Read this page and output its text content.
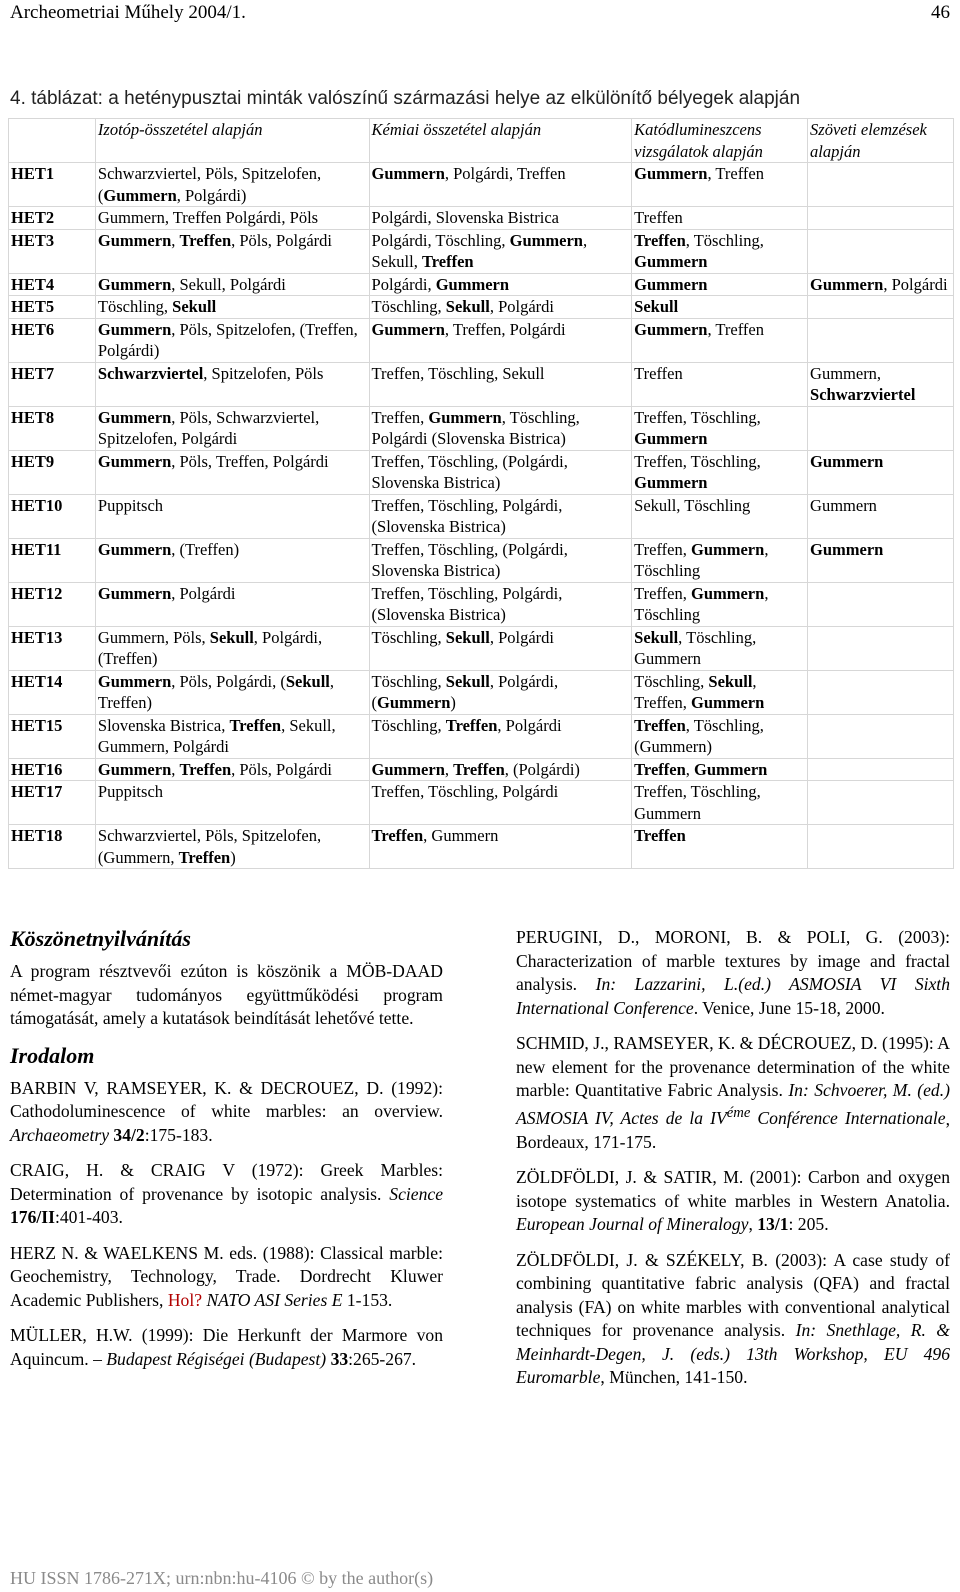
Archeometriai Műhely 2004/1.	46
4. táblázat: a heténypusztai minták valószínű származási helye az elkülönítő bélyegek alapján
	Izotóp-összetétel alapján	Kémiai összetétel alapján	Katódlumineszcens vizsgálatok alapján	Szöveti elemzések alapján
HET1	Schwarzviertel, Pöls, Spitzelofen, (Gummern, Polgárdi)	Gummern, Polgárdi, Treffen	Gummern, Treffen	
HET2	Gummern, Treffen Polgárdi, Pöls	Polgárdi, Slovenska Bistrica	Treffen	
HET3	Gummern, Treffen, Pöls, Polgárdi	Polgárdi, Töschling, Gummern, Sekull, Treffen	Treffen, Töschling, Gummern	
HET4	Gummern, Sekull, Polgárdi	Polgárdi, Gummern	Gummern	Gummern, Polgárdi
HET5	Töschling, Sekull	Töschling, Sekull, Polgárdi	Sekull	
HET6	Gummern, Pöls, Spitzelofen, (Treffen, Polgárdi)	Gummern, Treffen, Polgárdi	Gummern, Treffen	
HET7	Schwarzviertel, Spitzelofen, Pöls	Treffen, Töschling, Sekull	Treffen	Gummern, Schwarzviertel
HET8	Gummern, Pöls, Schwarzviertel, Spitzelofen, Polgárdi	Treffen, Gummern, Töschling, Polgárdi (Slovenska Bistrica)	Treffen, Töschling, Gummern	
HET9	Gummern, Pöls, Treffen, Polgárdi	Treffen, Töschling, (Polgárdi, Slovenska Bistrica)	Treffen, Töschling, Gummern	Gummern
HET10	Puppitsch	Treffen, Töschling, Polgárdi, (Slovenska Bistrica)	Sekull, Töschling	Gummern
HET11	Gummern, (Treffen)	Treffen, Töschling, (Polgárdi, Slovenska Bistrica)	Treffen, Gummern, Töschling	Gummern
HET12	Gummern, Polgárdi	Treffen, Töschling, Polgárdi, (Slovenska Bistrica)	Treffen, Gummern, Töschling	
HET13	Gummern, Pöls, Sekull, Polgárdi, (Treffen)	Töschling, Sekull, Polgárdi	Sekull, Töschling, Gummern	
HET14	Gummern, Pöls, Polgárdi, (Sekull, Treffen)	Töschling, Sekull, Polgárdi, (Gummern)	Töschling, Sekull, Treffen, Gummern	
HET15	Slovenska Bistrica, Treffen, Sekull, Gummern, Polgárdi	Töschling, Treffen, Polgárdi	Treffen, Töschling, (Gummern)	
HET16	Gummern, Treffen, Pöls, Polgárdi	Gummern, Treffen, (Polgárdi)	Treffen, Gummern	
HET17	Puppitsch	Treffen, Töschling, Polgárdi	Treffen, Töschling, Gummern	
HET18	Schwarzviertel, Pöls, Spitzelofen, (Gummern, Treffen)	Treffen, Gummern	Treffen	
Köszönetnyilvánítás
A program résztvevői ezúton is köszönik a MÖB-DAAD német-magyar tudományos együttműködési program támogatását, amely a kutatások beindítását lehetővé tette.
Irodalom
BARBIN V, RAMSEYER, K. & DECROUEZ, D. (1992): Cathodoluminescence of white marbles: an overview. Archaeometry 34/2:175-183.
CRAIG, H. & CRAIG V (1972): Greek Marbles: Determination of provenance by isotopic analysis. Science 176/II:401-403.
HERZ N. & WAELKENS M. eds. (1988): Classical marble: Geochemistry, Technology, Trade. Dordrecht Kluwer Academic Publishers, Hol? NATO ASI Series E 1-153.
MÜLLER, H.W. (1999): Die Herkunft der Marmore von Aquincum. – Budapest Régiségei (Budapest) 33:265-267.
PERUGINI, D., MORONI, B. & POLI, G. (2003): Characterization of marble textures by image and fractal analysis. In: Lazzarini, L.(ed.) ASMOSIA VI Sixth International Conference. Venice, June 15-18, 2000.
SCHMID, J., RAMSEYER, K. & DÉCROUEZ, D. (1995): A new element for the provenance determination of the white marble: Quantitative Fabric Analysis. In: Schvoerer, M. (ed.) ASMOSIA IV, Actes de la $IV^{éme}$ Conférence Internationale, Bordeaux, 171-175.
ZÖLDFÖLDI, J. & SATIR, M. (2001): Carbon and oxygen isotope systematics of white marbles in Western Anatolia. European Journal of Mineralogy, 13/1: 205.
ZÖLDFÖLDI, J. & SZÉKELY, B. (2003): A case study of combining quantitative fabric analysis (QFA) and fractal analysis (FA) on white marbles with conventional analytical techniques for provenance analysis. In: Snethlage, R. & Meinhardt-Degen, J. (eds.) 13th Workshop, EU 496 Euromarble, München, 141-150.
HU ISSN 1786-271X; urn:nbn:hu-4106 © by the author(s)
